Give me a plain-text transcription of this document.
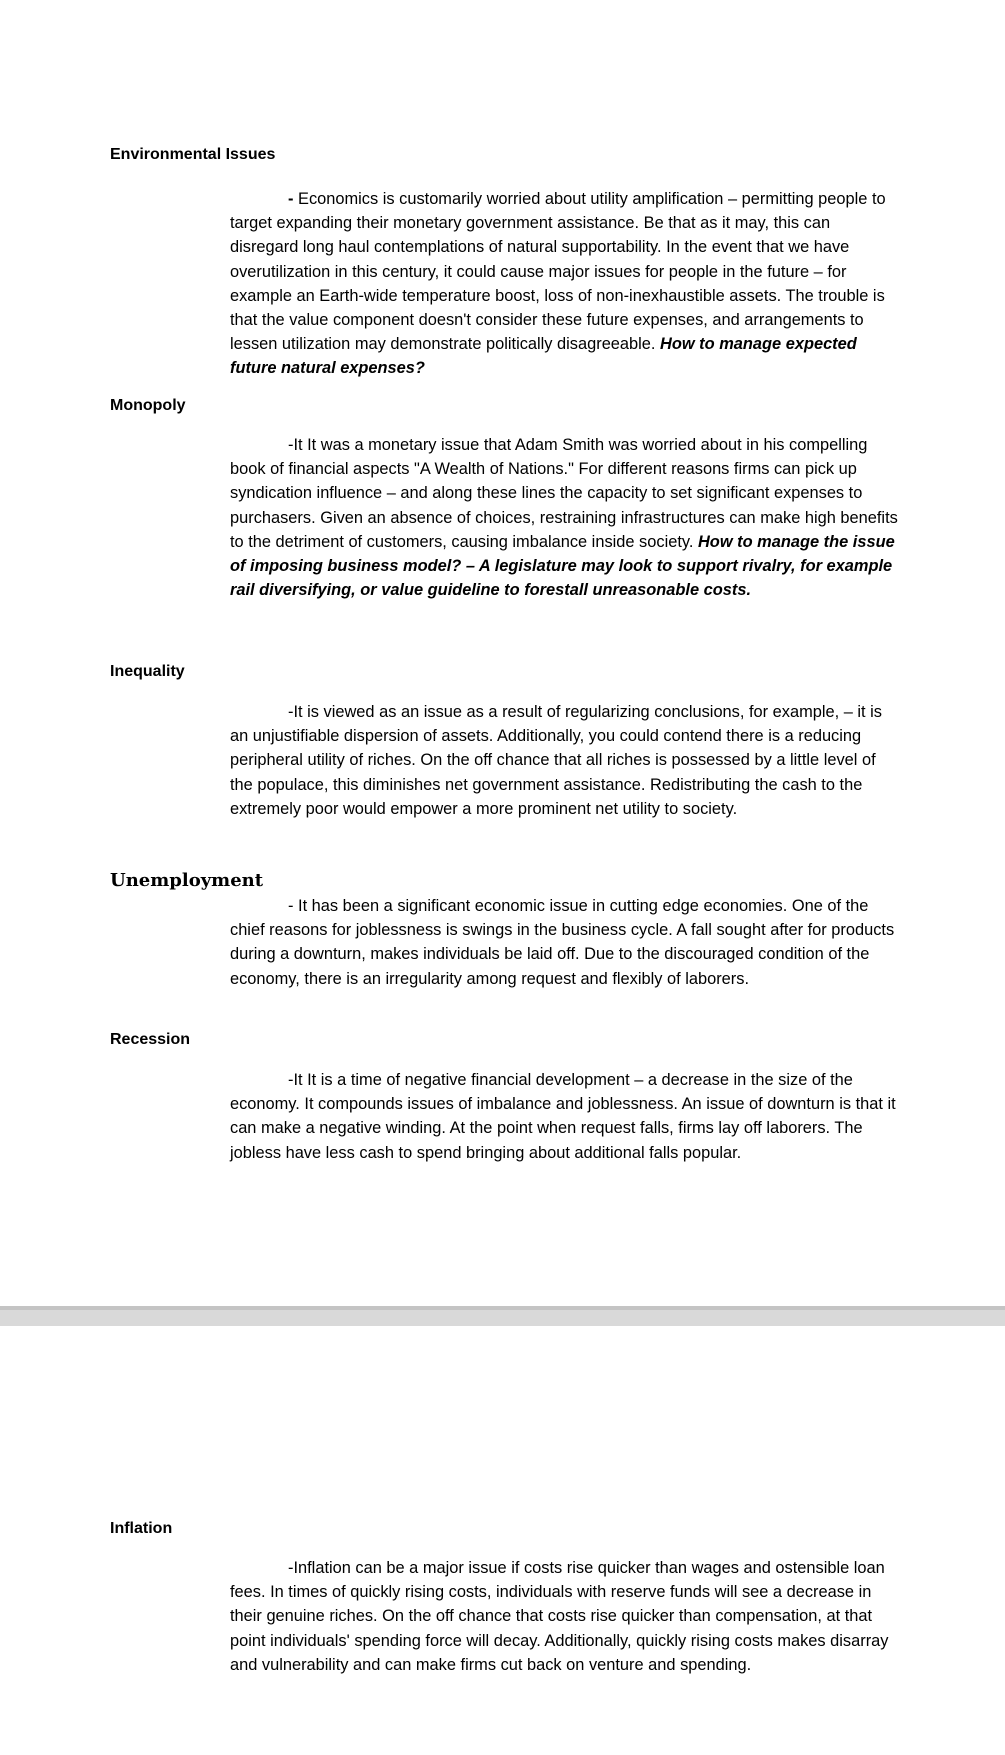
Environmental Issues

- Economics is customarily worried about utility amplification – permitting people to target expanding their monetary government assistance. Be that as it may, this can disregard long haul contemplations of natural supportability. In the event that we have overutilization in this century, it could cause major issues for people in the future – for example an Earth-wide temperature boost, loss of non-inexhaustible assets. The trouble is that the value component doesn't consider these future expenses, and arrangements to lessen utilization may demonstrate politically disagreeable. How to manage expected future natural expenses?

Monopoly

-It It was a monetary issue that Adam Smith was worried about in his compelling book of financial aspects "A Wealth of Nations." For different reasons firms can pick up syndication influence – and along these lines the capacity to set significant expenses to purchasers. Given an absence of choices, restraining infrastructures can make high benefits to the detriment of customers, causing imbalance inside society. How to manage the issue of imposing business model? – A legislature may look to support rivalry, for example rail diversifying, or value guideline to forestall unreasonable costs.

Inequality

-It is viewed as an issue as a result of regularizing conclusions, for example, – it is an unjustifiable dispersion of assets. Additionally, you could contend there is a reducing peripheral utility of riches. On the off chance that all riches is possessed by a little level of the populace, this diminishes net government assistance. Redistributing the cash to the extremely poor would empower a more prominent net utility to society.

Unemployment

- It has been a significant economic issue in cutting edge economies. One of the chief reasons for joblessness is swings in the business cycle. A fall sought after for products during a downturn, makes individuals be laid off. Due to the discouraged condition of the economy, there is an irregularity among request and flexibly of laborers.

Recession

-It It is a time of negative financial development – a decrease in the size of the economy. It compounds issues of imbalance and joblessness. An issue of downturn is that it can make a negative winding. At the point when request falls, firms lay off laborers. The jobless have less cash to spend bringing about additional falls popular.

Inflation

-Inflation can be a major issue if costs rise quicker than wages and ostensible loan fees. In times of quickly rising costs, individuals with reserve funds will see a decrease in their genuine riches. On the off chance that costs rise quicker than compensation, at that point individuals' spending force will decay. Additionally, quickly rising costs makes disarray and vulnerability and can make firms cut back on venture and spending.
